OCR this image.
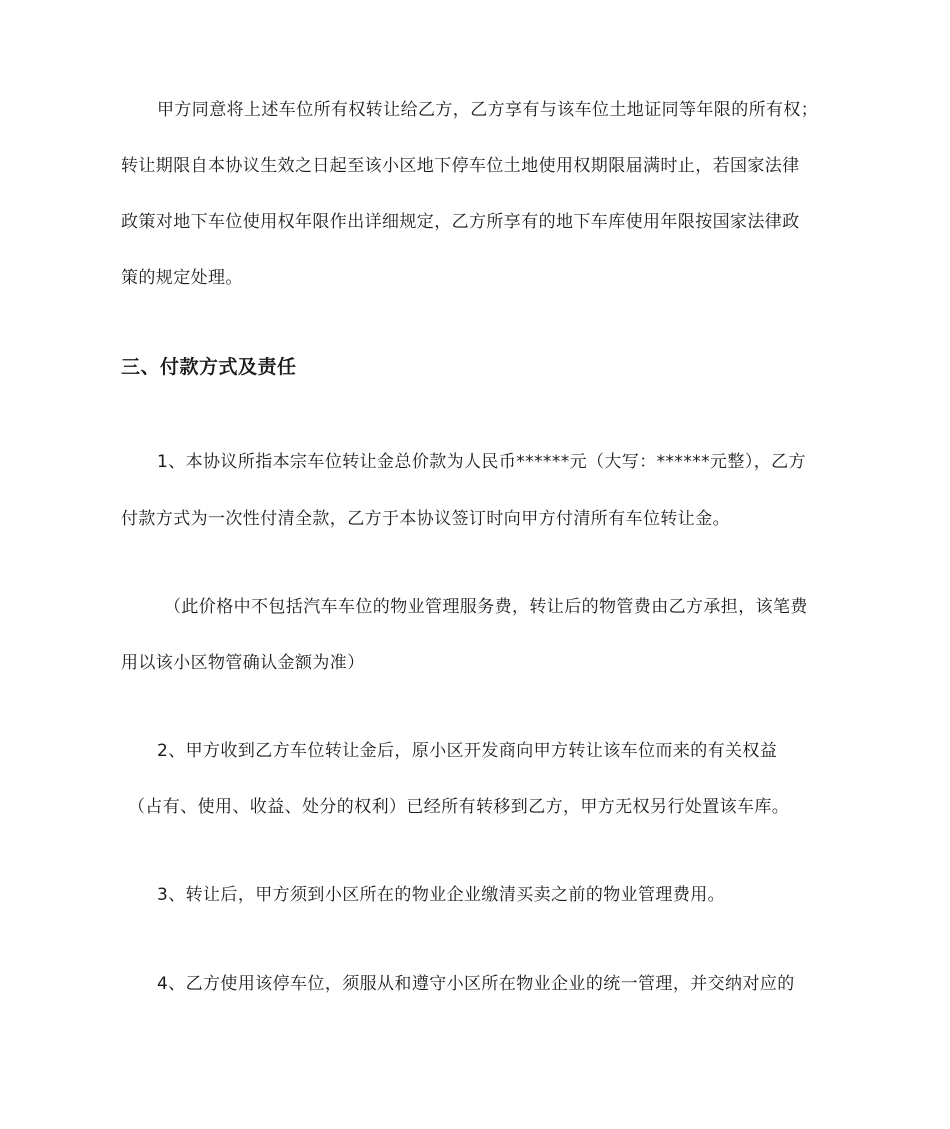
甲方同意将上述车位所有权转让给乙方，乙方享有与该车位土地证同等年限的所有权；
转让期限自本协议生效之日起至该小区地下停车位土地使用权期限届满时止，若国家法律
政策对地下车位使用权年限作出详细规定，乙方所享有的地下车库使用年限按国家法律政
策的规定处理。
三、付款方式及责任
1、本协议所指本宗车位转让金总价款为人民币******元（大写：******元整），乙方
付款方式为一次性付清全款，乙方于本协议签订时向甲方付清所有车位转让金。
（此价格中不包括汽车车位的物业管理服务费，转让后的物管费由乙方承担，该笔费
用以该小区物管确认金额为准）
2、甲方收到乙方车位转让金后，原小区开发商向甲方转让该车位而来的有关权益
（占有、使用、收益、处分的权利）已经所有转移到乙方，甲方无权另行处置该车库。
3、转让后，甲方须到小区所在的物业企业缴清买卖之前的物业管理费用。
4、乙方使用该停车位，须服从和遵守小区所在物业企业的统一管理，并交纳对应的
